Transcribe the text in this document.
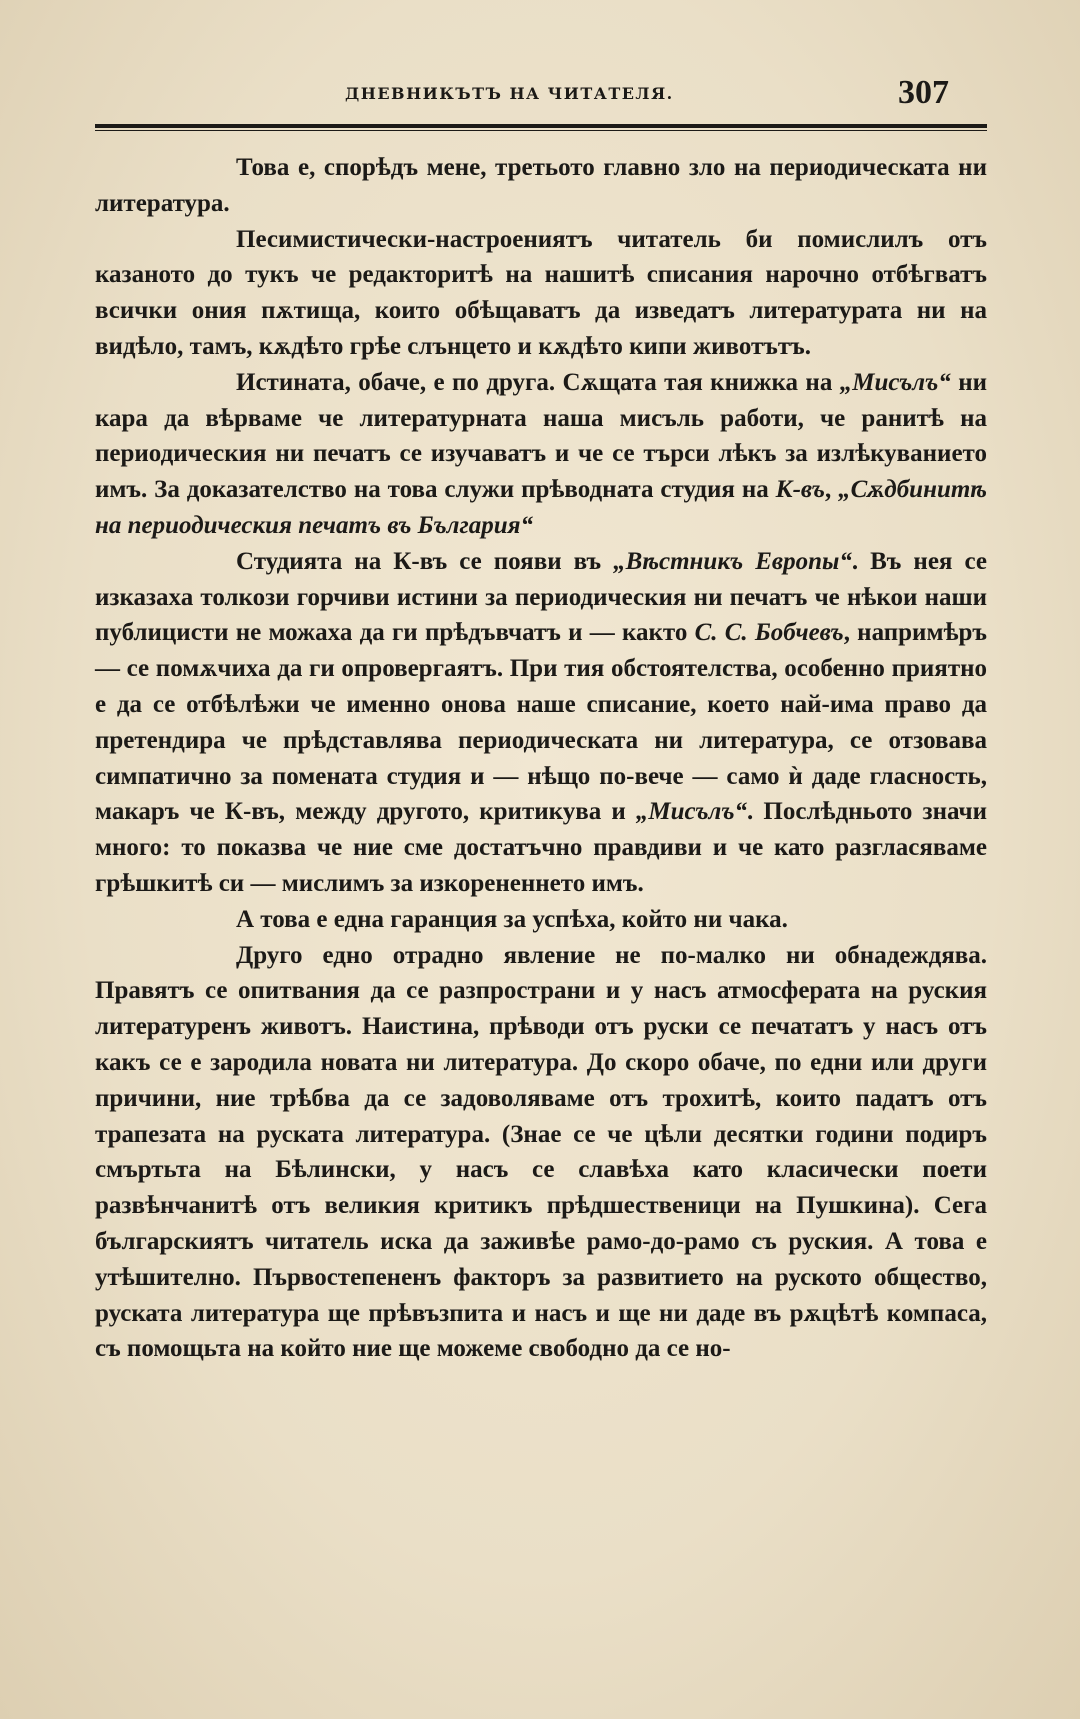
ДНЕВНИКЪТЪ НА ЧИТАТЕЛЯ.	307

Това е, спорѣдъ мене, третьото главно зло на периодическата ни литература.

Песимистически-настроениятъ читатель би помислилъ отъ казаното до тукъ че редакторитѣ на нашитѣ списания нарочно отбѣгватъ всички ония пѫтища, които обѣщаватъ да изведатъ литературата ни на видѣло, тамъ, кѫдѣто грѣе слънцето и кѫдѣто кипи животътъ.

Истината, обаче, е по друга. Сѫщата тая книжка на „Мисълъ“ ни кара да вѣрваме че литературната наша мисъль работи, че ранитѣ на периодическия ни печатъ се изучаватъ и че се търси лѣкъ за излѣкуванието имъ. За доказателство на това служи прѣводната студия на К-въ, „Сѫдбинитѣ на периодическия печатъ въ България“

Студията на К-въ се появи въ „Вѣстникъ Европы“. Въ нея се изказаха толкози горчиви истини за периодическия ни печатъ че нѣкои наши публицисти не можаха да ги прѣдъвчатъ и — както С. С. Бобчевъ, напримѣръ — се помѫчиха да ги опровергаятъ. При тия обстоятелства, особенно приятно е да се отбѣлѣжи че именно онова наше списание, което най-има право да претендира че прѣдставлява периодическата ни литература, се отзовава симпатично за помената студия и — нѣщо по-вече — само ѝ даде гласность, макаръ че К-въ, между другото, критикува и „Мисълъ“. Послѣдньото значи много: то показва че ние сме достатъчно правдиви и че като разгласяваме грѣшкитѣ си — мислимъ за изкорененнето имъ.

А това е една гаранция за успѣха, който ни чака.

Друго едно отрадно явление не по-малко ни обнадеждява. Правятъ се опитвания да се разпространи и у насъ атмосферата на руския литературенъ животъ. Наистина, прѣводи отъ руски се печататъ у насъ отъ какъ се е зародила новата ни литература. До скоро обаче, по едни или други причини, ние трѣбва да се задоволяваме отъ трохитѣ, които падатъ отъ трапезата на руската литература. (Знае се че цѣли десятки години подиръ смъртьта на Бѣлински, у насъ се славѣха като класически поети развѣнчанитѣ отъ великия критикъ прѣдшественици на Пушкина). Сега българскиятъ читатель иска да заживѣе рамо-до-рамо съ руския. А това е утѣшително. Първостепененъ факторъ за развитието на руското общество, руската литература ще прѣвъзпита и насъ и ще ни даде въ рѫцѣтѣ компаса, съ помощьта на който ние ще можеме свободно да се но-
